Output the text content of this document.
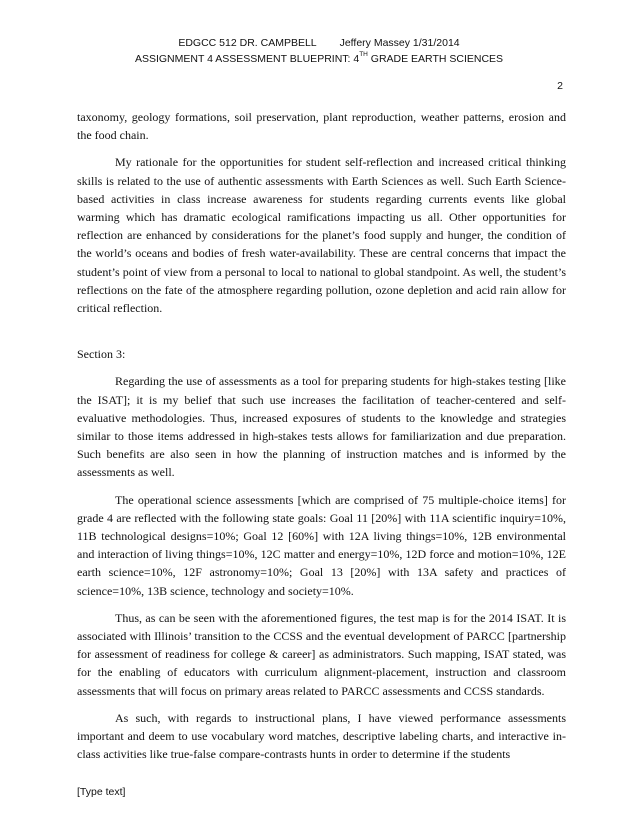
EDGCC 512 DR. CAMPBELL        Jeffery Massey 1/31/2014
ASSIGNMENT 4 ASSESSMENT BLUEPRINT: 4TH GRADE EARTH SCIENCES
2

taxonomy, geology formations, soil preservation, plant reproduction, weather patterns, erosion and the food chain.

My rationale for the opportunities for student self-reflection and increased critical thinking skills is related to the use of authentic assessments with Earth Sciences as well. Such Earth Science-based activities in class increase awareness for students regarding currents events like global warming which has dramatic ecological ramifications impacting us all. Other opportunities for reflection are enhanced by considerations for the planet’s food supply and hunger, the condition of the world’s oceans and bodies of fresh water-availability. These are central concerns that impact the student’s point of view from a personal to local to national to global standpoint. As well, the student’s reflections on the fate of the atmosphere regarding pollution, ozone depletion and acid rain allow for critical reflection.

Section 3:

Regarding the use of assessments as a tool for preparing students for high-stakes testing [like the ISAT]; it is my belief that such use increases the facilitation of teacher-centered and self-evaluative methodologies. Thus, increased exposures of students to the knowledge and strategies similar to those items addressed in high-stakes tests allows for familiarization and due preparation. Such benefits are also seen in how the planning of instruction matches and is informed by the assessments as well.

The operational science assessments [which are comprised of 75 multiple-choice items] for grade 4 are reflected with the following state goals: Goal 11 [20%] with 11A scientific inquiry=10%, 11B technological designs=10%; Goal 12 [60%] with 12A living things=10%, 12B environmental and interaction of living things=10%, 12C matter and energy=10%, 12D force and motion=10%, 12E earth science=10%, 12F astronomy=10%; Goal 13 [20%] with 13A safety and practices of science=10%, 13B science, technology and society=10%.

Thus, as can be seen with the aforementioned figures, the test map is for the 2014 ISAT. It is associated with Illinois’ transition to the CCSS and the eventual development of PARCC [partnership for assessment of readiness for college & career] as administrators. Such mapping, ISAT stated, was for the enabling of educators with curriculum alignment-placement, instruction and classroom assessments that will focus on primary areas related to PARCC assessments and CCSS standards.

As such, with regards to instructional plans, I have viewed performance assessments important and deem to use vocabulary word matches, descriptive labeling charts, and interactive in-class activities like true-false compare-contrasts hunts in order to determine if the students

[Type text]
